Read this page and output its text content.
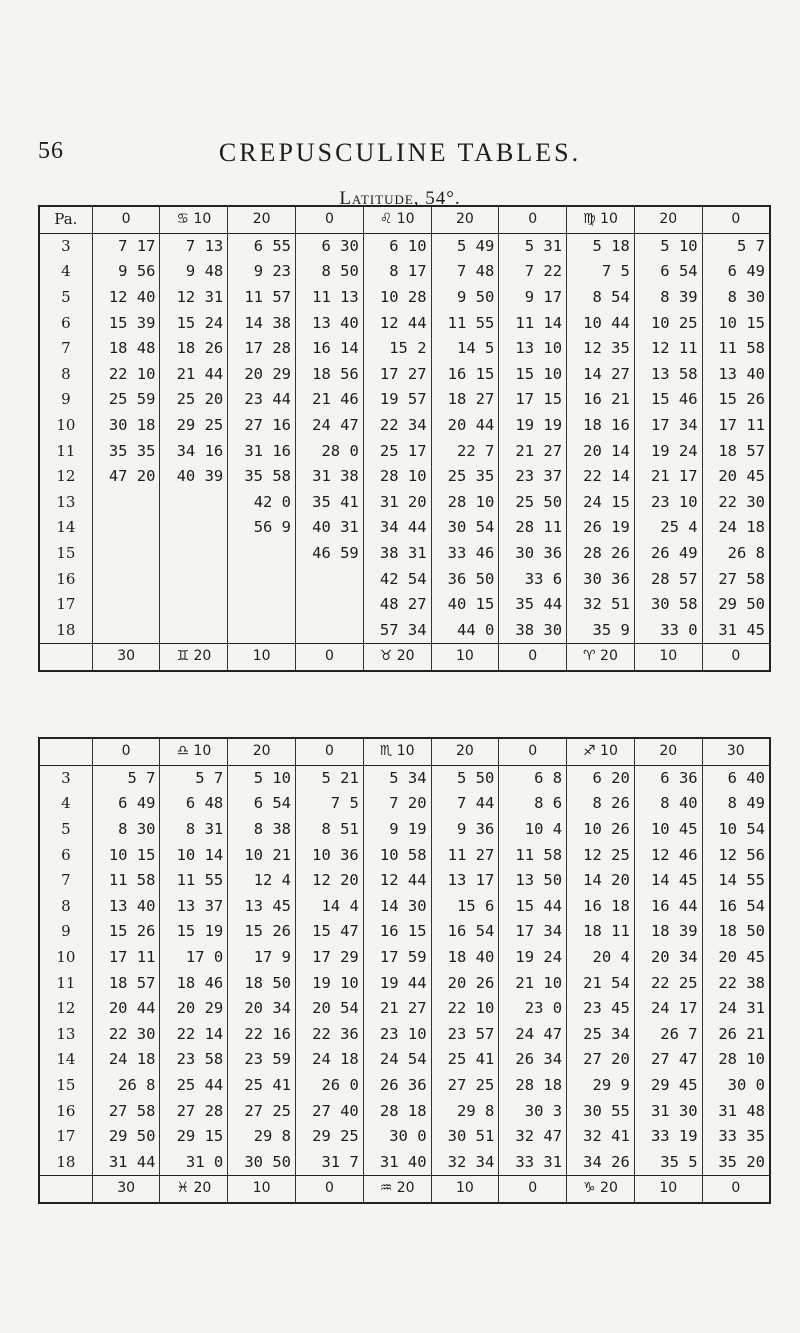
56	CREPUSCULINE TABLES.
Latitude, 54°.
Pa.	0	♋ 10	20	0	♌ 10	20	0	♍ 10	20	0
3	7 17	7 13	6 55	6 30	6 10	5 49	5 31	5 18	5 10	5 7
4	9 56	9 48	9 23	8 50	8 17	7 48	7 22	7 5	6 54	6 49
5	12 40	12 31	11 57	11 13	10 28	9 50	9 17	8 54	8 39	8 30
6	15 39	15 24	14 38	13 40	12 44	11 55	11 14	10 44	10 25	10 15
7	18 48	18 26	17 28	16 14	15 2	14 5	13 10	12 35	12 11	11 58
8	22 10	21 44	20 29	18 56	17 27	16 15	15 10	14 27	13 58	13 40
9	25 59	25 20	23 44	21 46	19 57	18 27	17 15	16 21	15 46	15 26
10	30 18	29 25	27 16	24 47	22 34	20 44	19 19	18 16	17 34	17 11
11	35 35	34 16	31 16	28 0	25 17	22 7	21 27	20 14	19 24	18 57
12	47 20	40 39	35 58	31 38	28 10	25 35	23 37	22 14	21 17	20 45
13			42 0	35 41	31 20	28 10	25 50	24 15	23 10	22 30
14			56 9	40 31	34 44	30 54	28 11	26 19	25 4	24 18
15				46 59	38 31	33 46	30 36	28 26	26 49	26 8
16					42 54	36 50	33 6	30 36	28 57	27 58
17					48 27	40 15	35 44	32 51	30 58	29 50
18					57 34	44 0	38 30	35 9	33 0	31 45
	30	♊ 20	10	0	♉ 20	10	0	♈ 20	10	0
	0	♎ 10	20	0	♏ 10	20	0	♐ 10	20	30
3	5 7	5 7	5 10	5 21	5 34	5 50	6 8	6 20	6 36	6 40
4	6 49	6 48	6 54	7 5	7 20	7 44	8 6	8 26	8 40	8 49
5	8 30	8 31	8 38	8 51	9 19	9 36	10 4	10 26	10 45	10 54
6	10 15	10 14	10 21	10 36	10 58	11 27	11 58	12 25	12 46	12 56
7	11 58	11 55	12 4	12 20	12 44	13 17	13 50	14 20	14 45	14 55
8	13 40	13 37	13 45	14 4	14 30	15 6	15 44	16 18	16 44	16 54
9	15 26	15 19	15 26	15 47	16 15	16 54	17 34	18 11	18 39	18 50
10	17 11	17 0	17 9	17 29	17 59	18 40	19 24	20 4	20 34	20 45
11	18 57	18 46	18 50	19 10	19 44	20 26	21 10	21 54	22 25	22 38
12	20 44	20 29	20 34	20 54	21 27	22 10	23 0	23 45	24 17	24 31
13	22 30	22 14	22 16	22 36	23 10	23 57	24 47	25 34	26 7	26 21
14	24 18	23 58	23 59	24 18	24 54	25 41	26 34	27 20	27 47	28 10
15	26 8	25 44	25 41	26 0	26 36	27 25	28 18	29 9	29 45	30 0
16	27 58	27 28	27 25	27 40	28 18	29 8	30 3	30 55	31 30	31 48
17	29 50	29 15	29 8	29 25	30 0	30 51	32 47	32 41	33 19	33 35
18	31 44	31 0	30 50	31 7	31 40	32 34	33 31	34 26	35 5	35 20
	30	♓ 20	10	0	♒ 20	10	0	♑ 20	10	0
